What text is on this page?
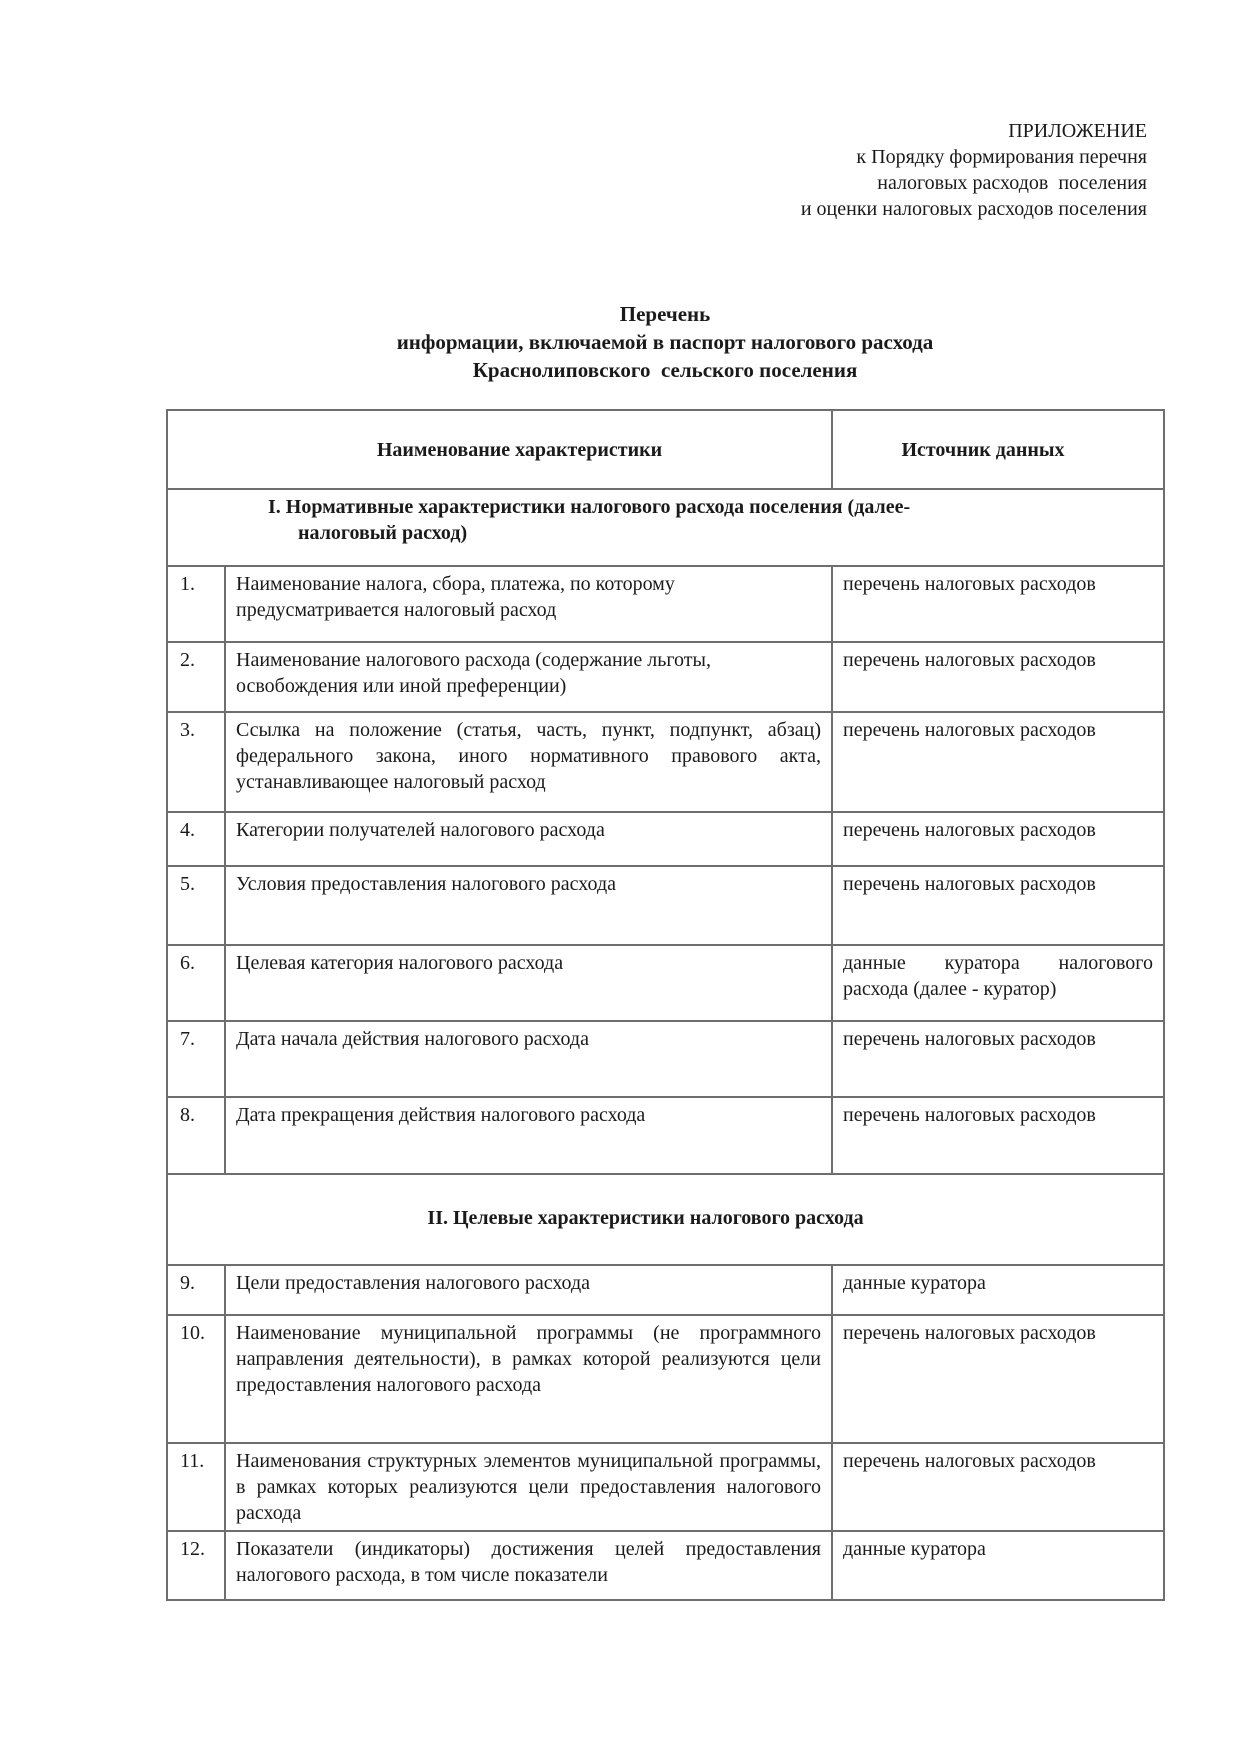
ПРИЛОЖЕНИЕ
к Порядку формирования перечня
налоговых расходов  поселения
и оценки налоговых расходов поселения
Перечень
информации, включаемой в паспорт налогового расхода
Краснолиповского  сельского поселения
Наименование характеристики		Источник данных

I. Нормативные характеристики налогового расхода поселения (далее-
налоговый расход)		

1.	Наименование налога, сбора, платежа, по которому предусматривается налоговый расход	перечень налоговых расходов
2.	Наименование налогового расхода (содержание льготы, освобождения или иной преференции)	перечень налоговых расходов
3.	Ссылка на положение (статья, часть, пункт, подпункт, абзац) федерального закона, иного нормативного правового акта, устанавливающее налоговый расход	перечень налоговых расходов
4.	Категории получателей налогового расхода	перечень налоговых расходов
5.	Условия предоставления налогового расхода	перечень налоговых расходов
6.	Целевая категория налогового расхода	данные куратора налогового расхода (далее - куратор)
7.	Дата начала действия налогового расхода	перечень налоговых расходов
8.	Дата прекращения действия налогового расхода	перечень налоговых расходов

II. Целевые характеристики налогового расхода		

9.	Цели предоставления налогового расхода	данные куратора
10.	Наименование муниципальной программы (не программного направления деятельности), в рамках которой реализуются цели предоставления налогового расхода	перечень налоговых расходов
11.	Наименования структурных элементов муниципальной программы, в рамках которых реализуются цели предоставления налогового расхода	перечень налоговых расходов
12.	Показатели (индикаторы) достижения целей предоставления налогового расхода, в том числе показатели	данные куратора
